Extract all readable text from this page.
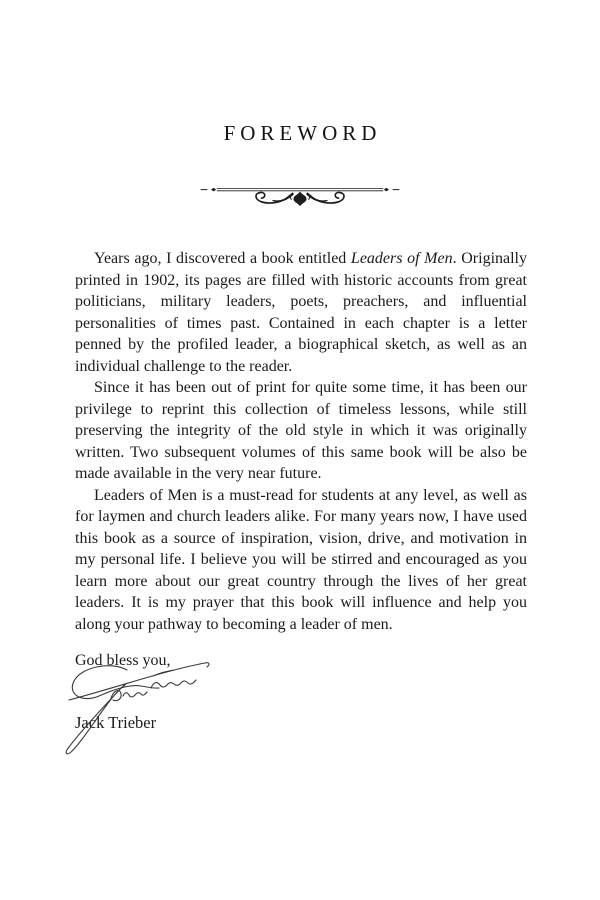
FOREWORD

Years ago, I discovered a book entitled Leaders of Men. Originally printed in 1902, its pages are filled with historic accounts from great politicians, military leaders, poets, preachers, and influential personalities of times past. Contained in each chapter is a letter penned by the profiled leader, a biographical sketch, as well as an individual challenge to the reader.

Since it has been out of print for quite some time, it has been our privilege to reprint this collection of timeless lessons, while still preserving the integrity of the old style in which it was originally written. Two subsequent volumes of this same book will be also be made available in the very near future.

Leaders of Men is a must-read for students at any level, as well as for laymen and church leaders alike. For many years now, I have used this book as a source of inspiration, vision, drive, and motivation in my personal life. I believe you will be stirred and encouraged as you learn more about our great country through the lives of her great leaders. It is my prayer that this book will influence and help you along your pathway to becoming a leader of men.

God bless you,
Jack Trieber
